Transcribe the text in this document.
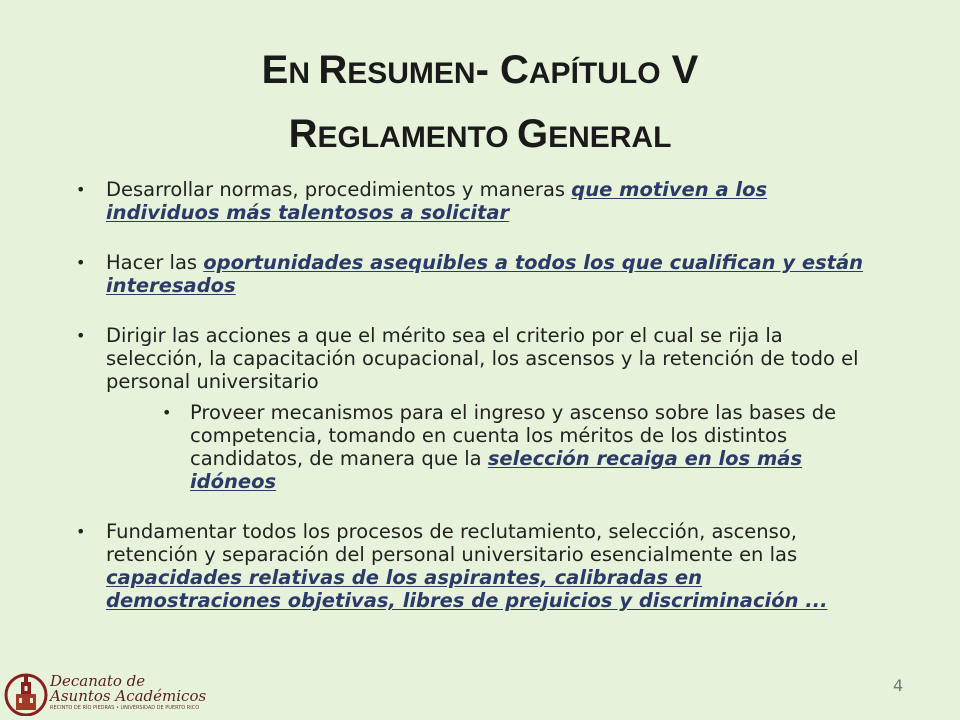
EN RESUMEN- CAPÍTULO V
REGLAMENTO GENERAL
• Desarrollar normas, procedimientos y maneras que motiven a los individuos más talentosos a solicitar
• Hacer las oportunidades asequibles a todos los que cualifican y están interesados
• Dirigir las acciones a que el mérito sea el criterio por el cual se rija la selección, la capacitación ocupacional, los ascensos y la retención de todo el personal universitario
• Proveer mecanismos para el ingreso y ascenso sobre las bases de competencia, tomando en cuenta los méritos de los distintos candidatos, de manera que la selección recaiga en los más idóneos
• Fundamentar todos los procesos de reclutamiento, selección, ascenso, retención y separación del personal universitario esencialmente en las capacidades relativas de los aspirantes, calibradas en demostraciones objetivas, libres de prejuicios y discriminación ...
4
Decanato de
Asuntos Académicos
RECINTO DE RÍO PIEDRAS • UNIVERSIDAD DE PUERTO RICO
